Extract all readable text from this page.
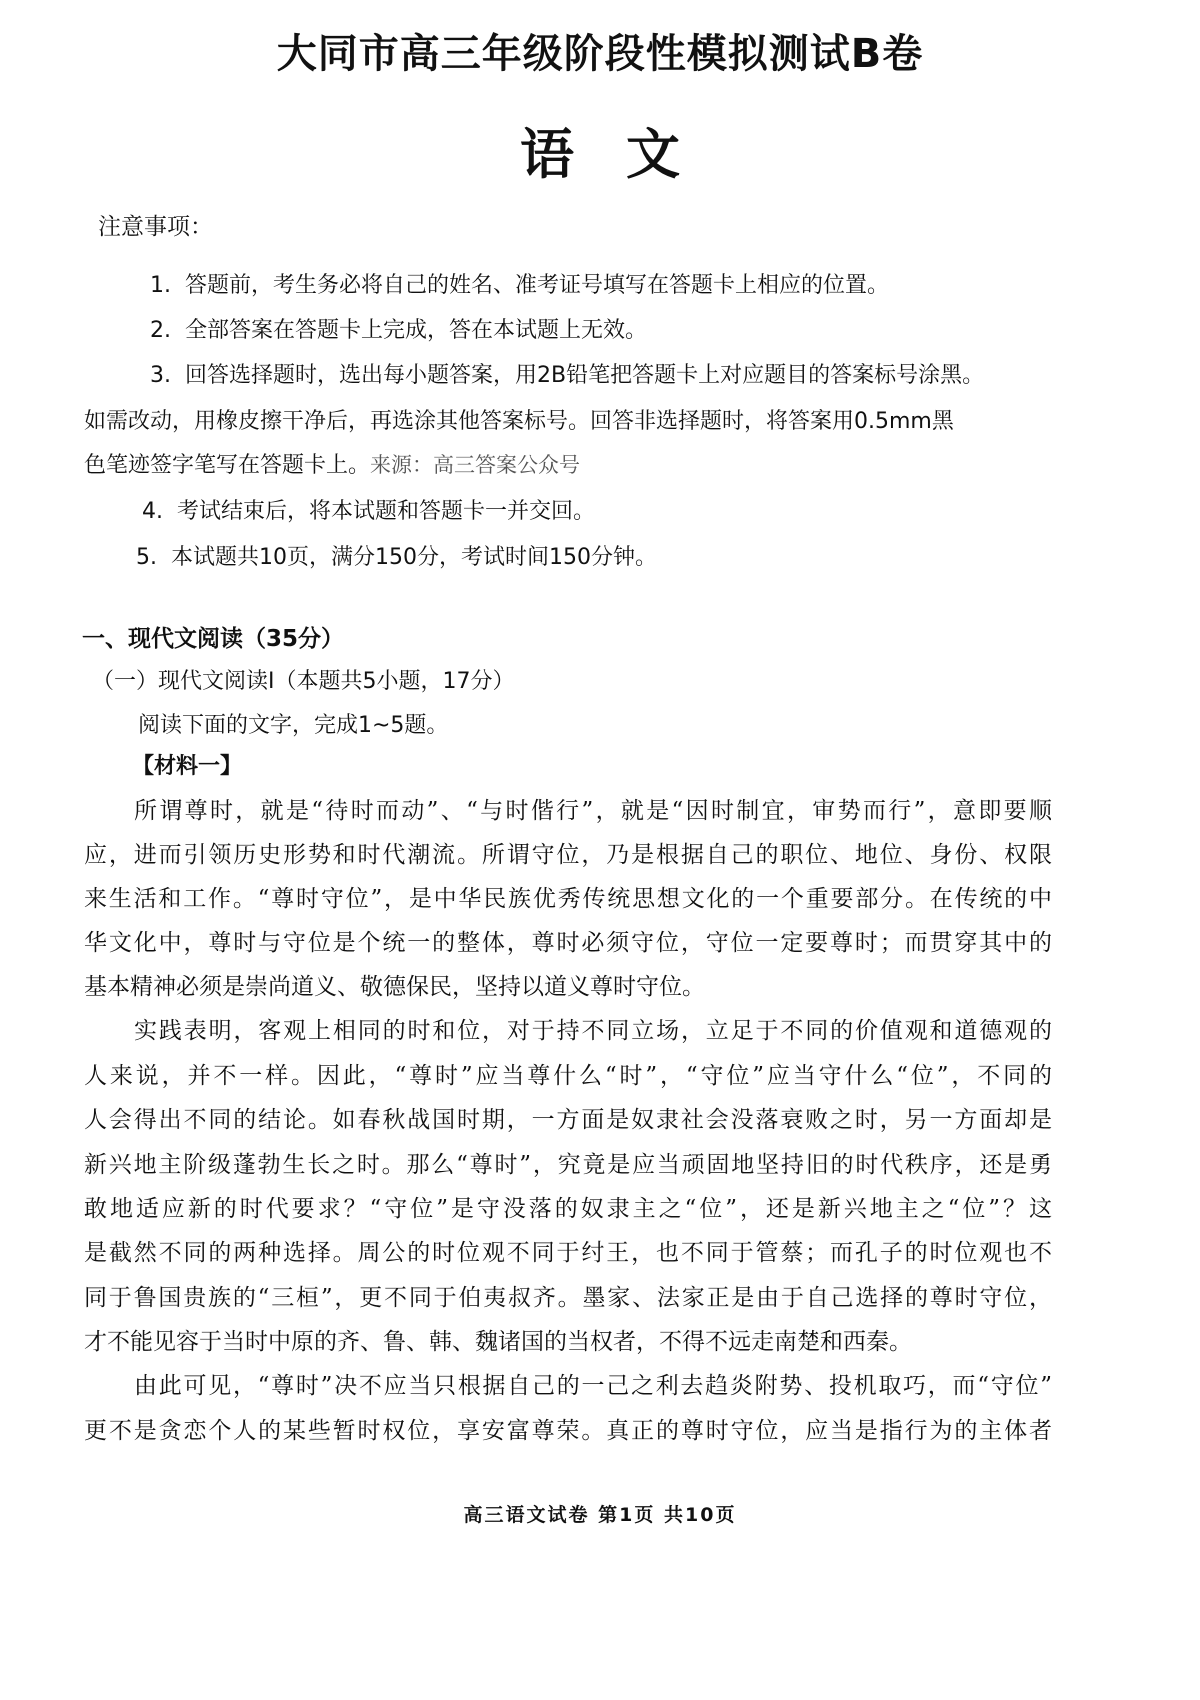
大同市高三年级阶段性模拟测试B卷
语文
注意事项：
1. 答题前，考生务必将自己的姓名、准考证号填写在答题卡上相应的位置。
2. 全部答案在答题卡上完成，答在本试题上无效。
3. 回答选择题时，选出每小题答案，用2B铅笔把答题卡上对应题目的答案标号涂黑。
如需改动，用橡皮擦干净后，再选涂其他答案标号。回答非选择题时，将答案用0.5mm黑
色笔迹签字笔写在答题卡上。来源：高三答案公众号
4. 考试结束后，将本试题和答题卡一并交回。
5. 本试题共10页，满分150分，考试时间150分钟。
一、现代文阅读（35分）
（一）现代文阅读Ⅰ（本题共5小题，17分）
阅读下面的文字，完成1~5题。
【材料一】
所谓尊时，就是“待时而动”、“与时偕行”，就是“因时制宜，审势而行”，意即要顺
应，进而引领历史形势和时代潮流。所谓守位，乃是根据自己的职位、地位、身份、权限
来生活和工作。“尊时守位”，是中华民族优秀传统思想文化的一个重要部分。在传统的中
华文化中，尊时与守位是个统一的整体，尊时必须守位，守位一定要尊时；而贯穿其中的
基本精神必须是崇尚道义、敬德保民，坚持以道义尊时守位。
实践表明，客观上相同的时和位，对于持不同立场，立足于不同的价值观和道德观的
人来说，并不一样。因此，“尊时”应当尊什么“时”，“守位”应当守什么“位”，不同的
人会得出不同的结论。如春秋战国时期，一方面是奴隶社会没落衰败之时，另一方面却是
新兴地主阶级蓬勃生长之时。那么“尊时”，究竟是应当顽固地坚持旧的时代秩序，还是勇
敢地适应新的时代要求？“守位”是守没落的奴隶主之“位”，还是新兴地主之“位”？这
是截然不同的两种选择。周公的时位观不同于纣王，也不同于管蔡；而孔子的时位观也不
同于鲁国贵族的“三桓”，更不同于伯夷叔齐。墨家、法家正是由于自己选择的尊时守位，
才不能见容于当时中原的齐、鲁、韩、魏诸国的当权者，不得不远走南楚和西秦。
由此可见，“尊时”决不应当只根据自己的一己之利去趋炎附势、投机取巧，而“守位”
更不是贪恋个人的某些暂时权位，享安富尊荣。真正的尊时守位，应当是指行为的主体者
高三语文试卷 第1页 共10页
